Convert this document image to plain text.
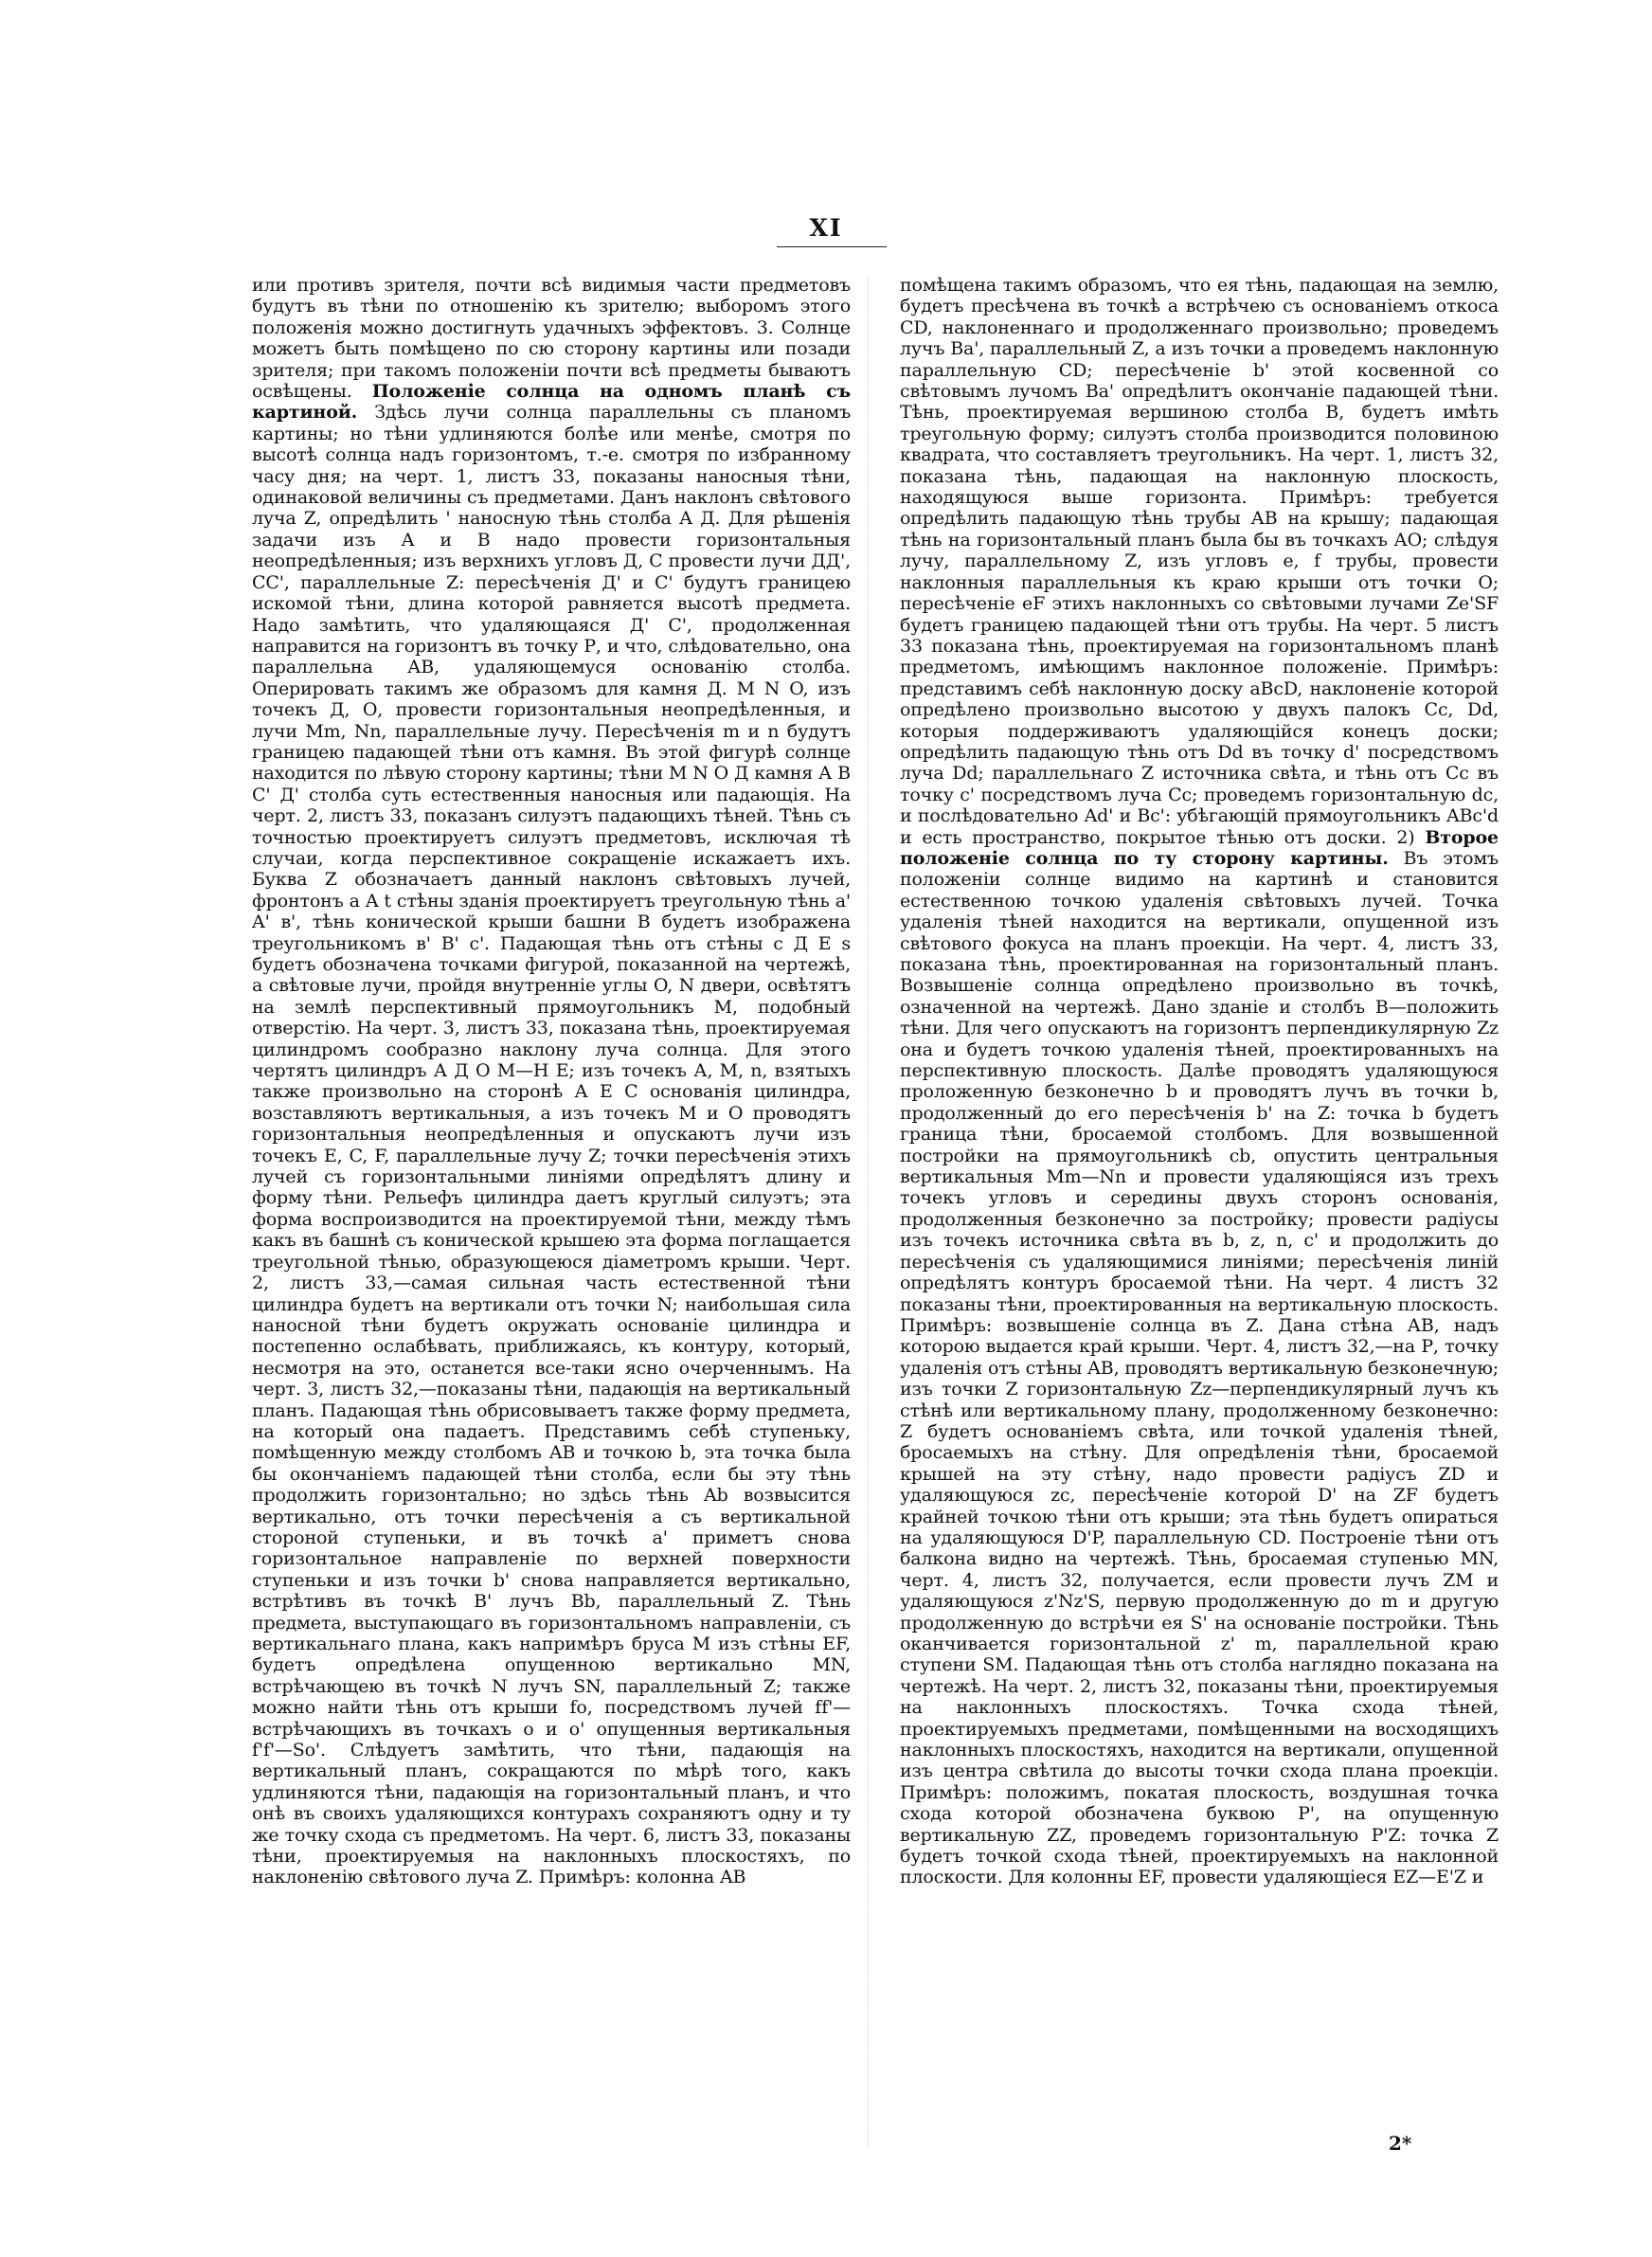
XI

или противъ зрителя, почти всѣ видимыя части предметовъ будутъ въ тѣни по отношенію къ зрителю; выборомъ этого положенія можно достигнуть удачныхъ эффектовъ. 3. Солнце можетъ быть помѣщено по сю сторону картины или позади зрителя; при такомъ положеніи почти всѣ предметы бываютъ освѣщены. Положеніе солнца на одномъ планѣ съ картиной. Здѣсь лучи солнца параллельны съ планомъ картины; но тѣни удлиняются болѣе или менѣе, смотря по высотѣ солнца надъ горизонтомъ, т.-е. смотря по избранному часу дня; на черт. 1, листъ 33, показаны наносныя тѣни, одинаковой величины съ предметами. Данъ наклонъ свѣтового луча Z, опредѣлить ' наносную тѣнь столба А Д. Для рѣшенія задачи изъ А и В надо провести горизонтальныя неопредѣленныя; изъ верхнихъ угловъ Д, С провести лучи ДД', СС', параллельные Z: пересѣченія Д' и С' будутъ границею искомой тѣни, длина которой равняется высотѣ предмета. Надо замѣтить, что удаляющаяся Д' С', продолженная направится на горизонтъ въ точку Р, и что, слѣдовательно, она параллельна АВ, удаляющемуся основанію столба. Оперировать такимъ же образомъ для камня Д. М N O, изъ точекъ Д, О, провести горизонтальныя неопредѣленныя, и лучи Mm, Nn, параллельные лучу. Пересѣченія m и n будутъ границею падающей тѣни отъ камня. Въ этой фигурѣ солнце находится по лѣвую сторону картины; тѣни M N O Д камня А В С' Д' столба суть естественныя наносныя или падающія. На черт. 2, листъ 33, показанъ силуэтъ падающихъ тѣней. Тѣнь съ точностью проектируетъ силуэтъ предметовъ, исключая тѣ случаи, когда перспективное сокращеніе искажаетъ ихъ. Буква Z обозначаетъ данный наклонъ свѣтовыхъ лучей, фронтонъ a A t стѣны зданія проектируетъ треугольную тѣнь a' A' в', тѣнь конической крыши башни В будетъ изображена треугольникомъ в' B' c'. Падающая тѣнь отъ стѣны с Д Е s будетъ обозначена точками фигурой, показанной на чертежѣ, а свѣтовые лучи, пройдя внутренніе углы O, N двери, освѣтятъ на землѣ перспективный прямоугольникъ M, подобный отверстію. На черт. 3, листъ 33, показана тѣнь, проектируемая цилиндромъ сообразно наклону луча солнца. Для этого чертятъ цилиндръ А Д О М—Н Е; изъ точекъ А, М, n, взятыхъ также произвольно на сторонѣ А Е С основанія цилиндра, возставляютъ вертикальныя, а изъ точекъ М и О проводятъ горизонтальныя неопредѣленныя и опускаютъ лучи изъ точекъ E, C, F, параллельные лучу Z; точки пересѣченія этихъ лучей съ горизонтальными линіями опредѣлятъ длину и форму тѣни. Рельефъ цилиндра даетъ круглый силуэтъ; эта форма воспроизводится на проектируемой тѣни, между тѣмъ какъ въ башнѣ съ конической крышею эта форма поглащается треугольной тѣнью, образующеюся діаметромъ крыши. Черт. 2, листъ 33,—самая сильная часть естественной тѣни цилиндра будетъ на вертикали отъ точки N; наибольшая сила наносной тѣни будетъ окружать основаніе цилиндра и постепенно ослабѣвать, приближаясь, къ контуру, который, несмотря на это, останется все-таки ясно очерченнымъ. На черт. 3, листъ 32,—показаны тѣни, падающія на вертикальный планъ. Падающая тѣнь обрисовываетъ также форму предмета, на который она падаетъ. Представимъ себѣ ступеньку, помѣщенную между столбомъ AB и точкою b, эта точка была бы окончаніемъ падающей тѣни столба, если бы эту тѣнь продолжить горизонтально; но здѣсь тѣнь Ab возвысится вертикально, отъ точки пересѣченія а съ вертикальной стороной ступеньки, и въ точкѣ a' приметъ снова горизонтальное направленіе по верхней поверхности ступеньки и изъ точки b' снова направляется вертикально, встрѣтивъ въ точкѣ B' лучъ Bb, параллельный Z. Тѣнь предмета, выступающаго въ горизонтальномъ направленіи, съ вертикальнаго плана, какъ напримѣръ бруса М изъ стѣны EF, будетъ опредѣлена опущенною вертикально MN, встрѣчающею въ точкѣ N лучъ SN, параллельный Z; также можно найти тѣнь отъ крыши fo, посредствомъ лучей ff'—встрѣчающихъ въ точкахъ o и o' опущенныя вертикальныя f'f'—So'. Слѣдуетъ замѣтить, что тѣни, падающія на вертикальный планъ, сокращаются по мѣрѣ того, какъ удлиняются тѣни, падающія на горизонтальный планъ, и что онѣ въ своихъ удаляющихся контурахъ сохраняютъ одну и ту же точку схода съ предметомъ. На черт. 6, листъ 33, показаны тѣни, проектируемыя на наклонныхъ плоскостяхъ, по наклоненію свѣтового луча Z. Примѣръ: колонна AB

помѣщена такимъ образомъ, что ея тѣнь, падающая на землю, будетъ пресѣчена въ точкѣ а встрѣчею съ основаніемъ откоса CD, наклоненнаго и продолженнаго произвольно; проведемъ лучъ Ba', параллельный Z, а изъ точки а проведемъ наклонную параллельную CD; пересѣченіе b' этой косвенной со свѣтовымъ лучомъ Ba' опредѣлитъ окончаніе падающей тѣни. Тѣнь, проектируемая вершиною столба В, будетъ имѣть треугольную форму; силуэтъ столба производится половиною квадрата, что составляетъ треугольникъ. На черт. 1, листъ 32, показана тѣнь, падающая на наклонную плоскость, находящуюся выше горизонта. Примѣръ: требуется опредѣлить падающую тѣнь трубы АВ на крышу; падающая тѣнь на горизонтальный планъ была бы въ точкахъ АО; слѣдуя лучу, параллельному Z, изъ угловъ e, f трубы, провести наклонныя параллельныя къ краю крыши отъ точки О; пересѣченіе eF этихъ наклонныхъ со свѣтовыми лучами Ze'SF будетъ границею падающей тѣни отъ трубы. На черт. 5 листъ 33 показана тѣнь, проектируемая на горизонтальномъ планѣ предметомъ, имѣющимъ наклонное положеніе. Примѣръ: представимъ себѣ наклонную доску aBcD, наклоненіе которой опредѣлено произвольно высотою у двухъ палокъ Cc, Dd, которыя поддерживаютъ удаляющійся конецъ доски; опредѣлить падающую тѣнь отъ Dd въ точку d' посредствомъ луча Dd; параллельнаго Z источника свѣта, и тѣнь отъ Cc въ точку c' посредствомъ луча Cc; проведемъ горизонтальную dc, и послѣдовательно Ad' и Bc': убѣгающій прямоугольникъ ABc'd и есть пространство, покрытое тѣнью отъ доски. 2) Второе положеніе солнца по ту сторону картины. Въ этомъ положеніи солнце видимо на картинѣ и становится естественною точкою удаленія свѣтовыхъ лучей. Точка удаленія тѣней находится на вертикали, опущенной изъ свѣтового фокуса на планъ проекціи. На черт. 4, листъ 33, показана тѣнь, проектированная на горизонтальный планъ. Возвышеніе солнца опредѣлено произвольно въ точкѣ, означенной на чертежѣ. Дано зданіе и столбъ В—положить тѣни. Для чего опускаютъ на горизонтъ перпендикулярную Zz она и будетъ точкою удаленія тѣней, проектированныхъ на перспективную плоскость. Далѣе проводятъ удаляющуюся проложенную безконечно b и проводятъ лучъ въ точки b, продолженный до его пересѣченія b' на Z: точка b будетъ граница тѣни, бросаемой столбомъ. Для возвышенной постройки на прямоугольникѣ cb, опустить центральныя вертикальныя Mm—Nn и провести удаляющіяся изъ трехъ точекъ угловъ и середины двухъ сторонъ основанія, продолженныя безконечно за постройку; провести радіусы изъ точекъ источника свѣта въ b, z, n, c' и продолжить до пересѣченія съ удаляющимися линіями; пересѣченія линій опредѣлятъ контуръ бросаемой тѣни. На черт. 4 листъ 32 показаны тѣни, проектированныя на вертикальную плоскость. Примѣръ: возвышеніе солнца въ Z. Дана стѣна АВ, надъ которою выдается край крыши. Черт. 4, листъ 32,—на Р, точку удаленія отъ стѣны AB, проводятъ вертикальную безконечную; изъ точки Z горизонтальную Zz—перпендикулярный лучъ къ стѣнѣ или вертикальному плану, продолженному безконечно: Z будетъ основаніемъ свѣта, или точкой удаленія тѣней, бросаемыхъ на стѣну. Для опредѣленія тѣни, бросаемой крышей на эту стѣну, надо провести радіусъ ZD и удаляющуюся zc, пересѣченіе которой D' на ZF будетъ крайней точкою тѣни отъ крыши; эта тѣнь будетъ опираться на удаляющуюся D'P, параллельную CD. Построеніе тѣни отъ балкона видно на чертежѣ. Тѣнь, бросаемая ступенью MN, черт. 4, листъ 32, получается, если провести лучъ ZM и удаляющуюся z'Nz'S, первую продолженную до m и другую продолженную до встрѣчи ея S' на основаніе постройки. Тѣнь оканчивается горизонтальной z' m, параллельной краю ступени SM. Падающая тѣнь отъ столба наглядно показана на чертежѣ. На черт. 2, листъ 32, показаны тѣни, проектируемыя на наклонныхъ плоскостяхъ. Точка схода тѣней, проектируемыхъ предметами, помѣщенными на восходящихъ наклонныхъ плоскостяхъ, находится на вертикали, опущенной изъ центра свѣтила до высоты точки схода плана проекціи. Примѣръ: положимъ, покатая плоскость, воздушная точка схода которой обозначена буквою P', на опущенную вертикальную ZZ, проведемъ горизонтальную P'Z: точка Z будетъ точкой схода тѣней, проектируемыхъ на наклонной плоскости. Для колонны EF, провести удаляющіеся EZ—E'Z и

2*
